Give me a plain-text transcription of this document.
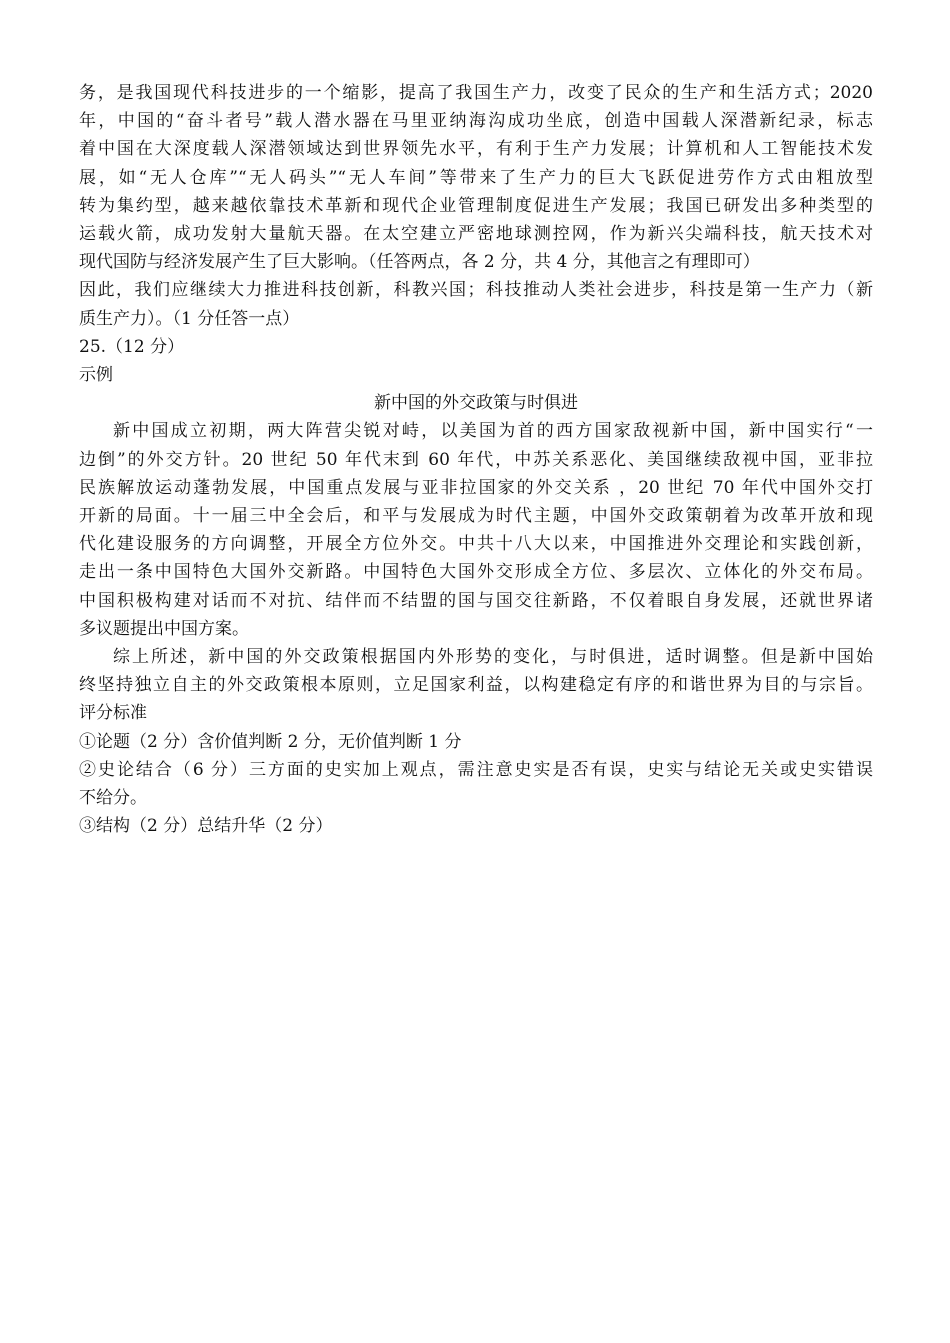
务，是我国现代科技进步的一个缩影，提高了我国生产力，改变了民众的生产和生活方式；2020

年，中国的“奋斗者号”载人潜水器在马里亚纳海沟成功坐底，创造中国载人深潜新纪录，标志

着中国在大深度载人深潜领域达到世界领先水平，有利于生产力发展；计算机和人工智能技术发

展，如“无人仓库”“无人码头”“无人车间”等带来了生产力的巨大飞跃促进劳作方式由粗放型

转为集约型，越来越依靠技术革新和现代企业管理制度促进生产发展；我国已研发出多种类型的

运载火箭，成功发射大量航天器。在太空建立严密地球测控网，作为新兴尖端科技，航天技术对

现代国防与经济发展产生了巨大影响。（任答两点，各 2 分，共 4 分，其他言之有理即可）

因此，我们应继续大力推进科技创新，科教兴国；科技推动人类社会进步，科技是第一生产力（新

质生产力）。（1 分任答一点）

25.（12 分）

示例

新中国的外交政策与时俱进

新中国成立初期，两大阵营尖锐对峙，以美国为首的西方国家敌视新中国，新中国实行“一

边倒”的外交方针。20 世纪 50 年代末到 60 年代，中苏关系恶化、美国继续敌视中国，亚非拉

民族解放运动蓬勃发展，中国重点发展与亚非拉国家的外交关系 ，20 世纪 70 年代中国外交打

开新的局面。十一届三中全会后，和平与发展成为时代主题，中国外交政策朝着为改革开放和现

代化建设服务的方向调整，开展全方位外交。中共十八大以来，中国推进外交理论和实践创新，

走出一条中国特色大国外交新路。中国特色大国外交形成全方位、多层次、立体化的外交布局。

中国积极构建对话而不对抗、结伴而不结盟的国与国交往新路，不仅着眼自身发展，还就世界诸

多议题提出中国方案。

综上所述，新中国的外交政策根据国内外形势的变化，与时俱进，适时调整。但是新中国始

终坚持独立自主的外交政策根本原则，立足国家利益，以构建稳定有序的和谐世界为目的与宗旨。

评分标准

①论题（2 分）含价值判断 2 分，无价值判断 1 分

②史论结合（6 分）三方面的史实加上观点，需注意史实是否有误，史实与结论无关或史实错误

不给分。

③结构（2 分）总结升华（2 分）
